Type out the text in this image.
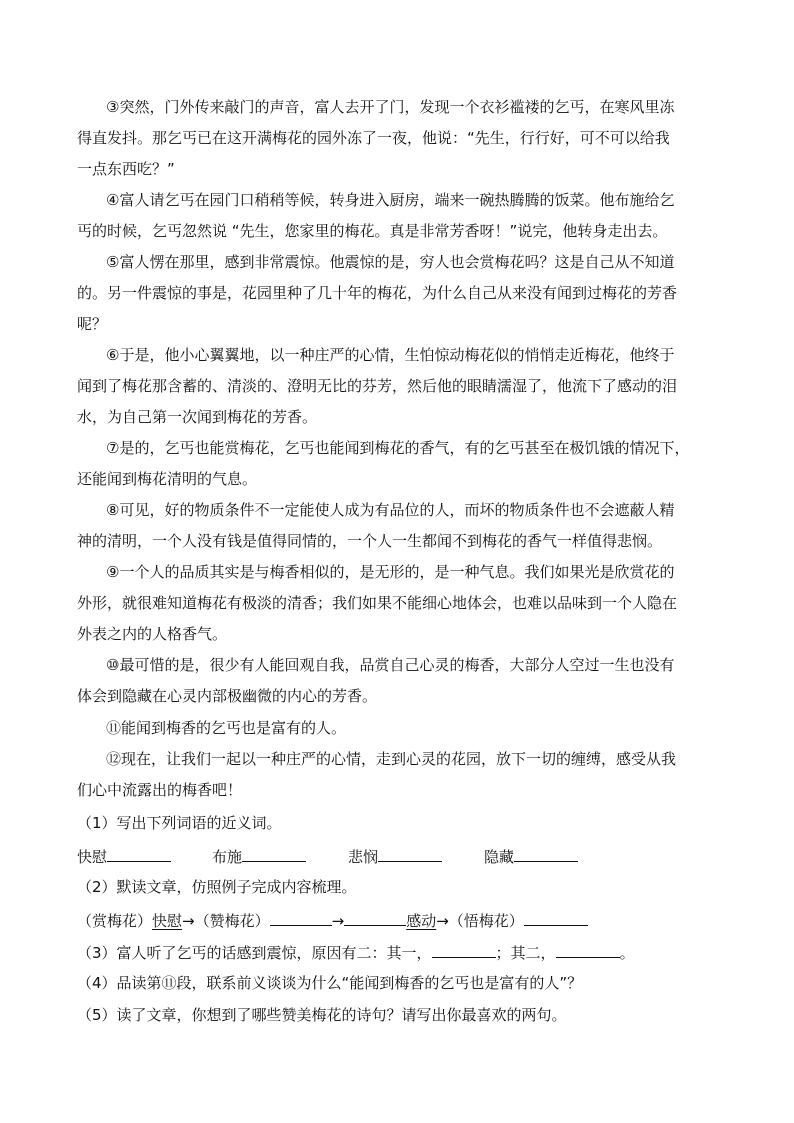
③突然，门外传来敲门的声音，富人去开了门，发现一个衣衫褴褛的乞丐，在寒风里冻
得直发抖。那乞丐已在这开满梅花的园外冻了一夜，他说：“先生，行行好，可不可以给我
一点东西吃？”
④富人请乞丐在园门口稍稍等候，转身进入厨房，端来一碗热腾腾的饭菜。他布施给乞
丐的时候，乞丐忽然说 “先生，您家里的梅花。真是非常芳香呀！”说完，他转身走出去。
⑤富人愣在那里，感到非常震惊。他震惊的是，穷人也会赏梅花吗？这是自己从不知道
的。另一件震惊的事是，花园里种了几十年的梅花，为什么自己从来没有闻到过梅花的芳香
呢？
⑥于是，他小心翼翼地，以一种庄严的心情，生怕惊动梅花似的悄悄走近梅花，他终于
闻到了梅花那含蓄的、清淡的、澄明无比的芬芳，然后他的眼睛濡湿了，他流下了感动的泪
水，为自己第一次闻到梅花的芳香。
⑦是的，乞丐也能赏梅花，乞丐也能闻到梅花的香气，有的乞丐甚至在极饥饿的情况下，
还能闻到梅花清明的气息。
⑧可见，好的物质条件不一定能使人成为有品位的人，而坏的物质条件也不会遮蔽人精
神的清明，一个人没有钱是值得同情的，一个人一生都闻不到梅花的香气一样值得悲悯。
⑨一个人的品质其实是与梅香相似的，是无形的，是一种气息。我们如果光是欣赏花的
外形，就很难知道梅花有极淡的清香；我们如果不能细心地体会，也难以品味到一个人隐在
外表之内的人格香气。
⑩最可惜的是，很少有人能回观自我，品赏自己心灵的梅香，大部分人空过一生也没有
体会到隐藏在心灵内部极幽微的内心的芳香。
⑪能闻到梅香的乞丐也是富有的人。
⑫现在，让我们一起以一种庄严的心情，走到心灵的花园，放下一切的缠缚，感受从我
们心中流露出的梅香吧！
（1）写出下列词语的近义词。
快慰	布施	悲悯	隐藏
（2）默读文章，仿照例子完成内容梳理。
（赏梅花）快慰→（赞梅花）	→	感动→（悟梅花）
（3）富人听了乞丐的话感到震惊，原因有二：其一，	；其二，	。
（4）品读第⑪段，联系前义谈谈为什么“能闻到梅香的乞丐也是富有的人”？
（5）读了文章，你想到了哪些赞美梅花的诗句？请写出你最喜欢的两句。
